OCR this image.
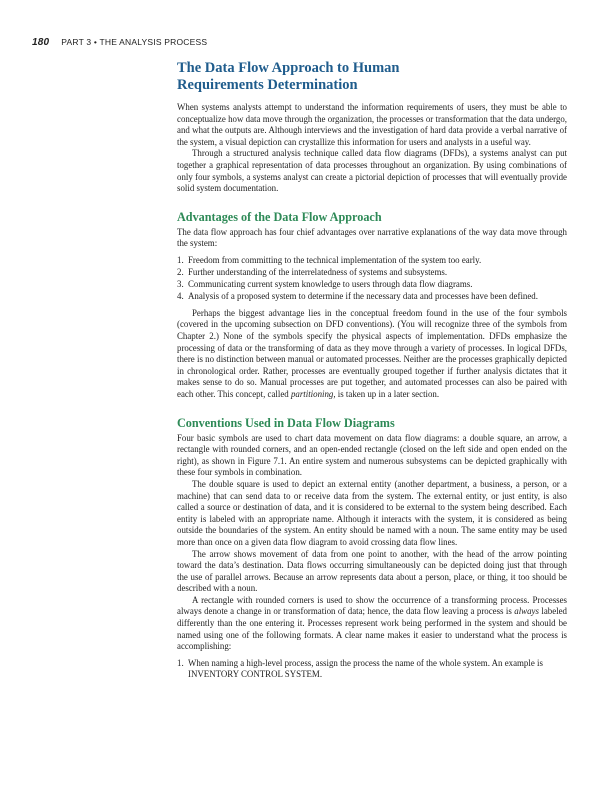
180 PART 3 • THE ANALYSIS PROCESS
The Data Flow Approach to Human
Requirements Determination

When systems analysts attempt to understand the information requirements of users, they must be able to conceptualize how data move through the organization, the processes or transformation that the data undergo, and what the outputs are. Although interviews and the investigation of hard data provide a verbal narrative of the system, a visual depiction can crystallize this information for users and analysts in a useful way.

Through a structured analysis technique called data flow diagrams (DFDs), a systems analyst can put together a graphical representation of data processes throughout an organization. By using combinations of only four symbols, a systems analyst can create a pictorial depiction of processes that will eventually provide solid system documentation.

Advantages of the Data Flow Approach

The data flow approach has four chief advantages over narrative explanations of the way data move through the system:

1. Freedom from committing to the technical implementation of the system too early.
2. Further understanding of the interrelatedness of systems and subsystems.
3. Communicating current system knowledge to users through data flow diagrams.
4. Analysis of a proposed system to determine if the necessary data and processes have been defined.

Perhaps the biggest advantage lies in the conceptual freedom found in the use of the four symbols (covered in the upcoming subsection on DFD conventions). (You will recognize three of the symbols from Chapter 2.) None of the symbols specify the physical aspects of implementation. DFDs emphasize the processing of data or the transforming of data as they move through a variety of processes. In logical DFDs, there is no distinction between manual or automated processes. Neither are the processes graphically depicted in chronological order. Rather, processes are eventually grouped together if further analysis dictates that it makes sense to do so. Manual processes are put together, and automated processes can also be paired with each other. This concept, called partitioning, is taken up in a later section.

Conventions Used in Data Flow Diagrams

Four basic symbols are used to chart data movement on data flow diagrams: a double square, an arrow, a rectangle with rounded corners, and an open-ended rectangle (closed on the left side and open ended on the right), as shown in Figure 7.1. An entire system and numerous subsystems can be depicted graphically with these four symbols in combination.

The double square is used to depict an external entity (another department, a business, a person, or a machine) that can send data to or receive data from the system. The external entity, or just entity, is also called a source or destination of data, and it is considered to be external to the system being described. Each entity is labeled with an appropriate name. Although it interacts with the system, it is considered as being outside the boundaries of the system. An entity should be named with a noun. The same entity may be used more than once on a given data flow diagram to avoid crossing data flow lines.

The arrow shows movement of data from one point to another, with the head of the arrow pointing toward the data’s destination. Data flows occurring simultaneously can be depicted doing just that through the use of parallel arrows. Because an arrow represents data about a person, place, or thing, it too should be described with a noun.

A rectangle with rounded corners is used to show the occurrence of a transforming process. Processes always denote a change in or transformation of data; hence, the data flow leaving a process is always labeled differently than the one entering it. Processes represent work being performed in the system and should be named using one of the following formats. A clear name makes it easier to understand what the process is accomplishing:

1. When naming a high-level process, assign the process the name of the whole system. An example is INVENTORY CONTROL SYSTEM.
